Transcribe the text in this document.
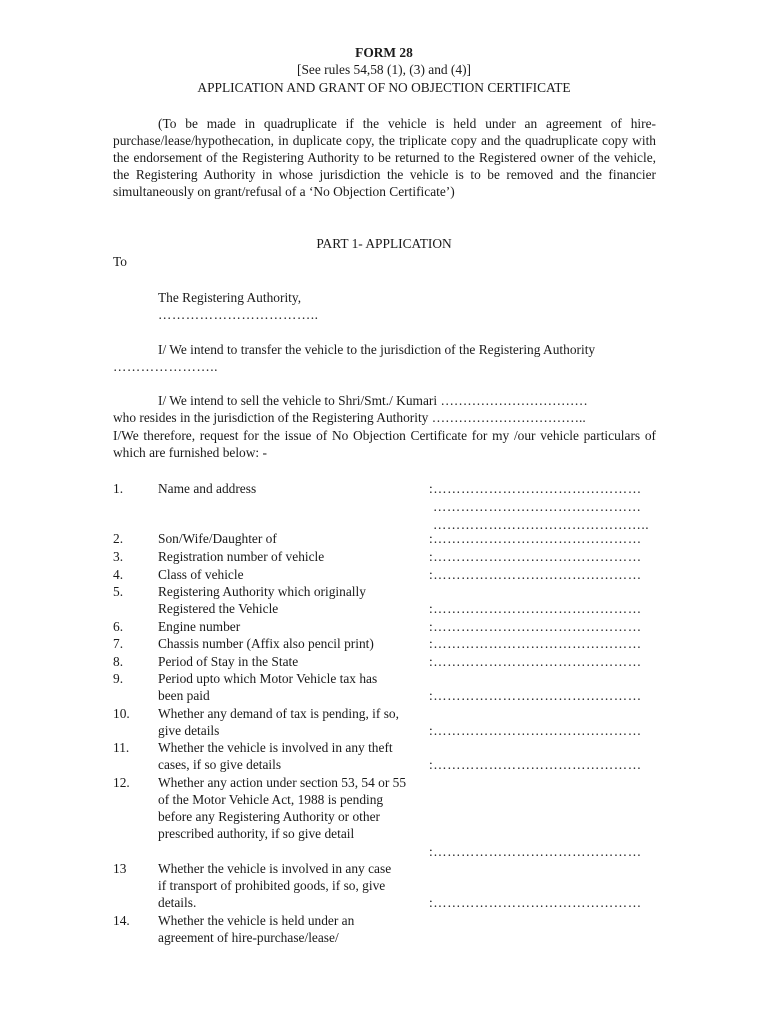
FORM 28
[See rules 54,58 (1), (3) and (4)]
APPLICATION AND GRANT OF NO OBJECTION CERTIFICATE
(To be made in quadruplicate if the vehicle is held under an agreement of hire-purchase/lease/hypothecation, in duplicate copy, the triplicate copy and the quadruplicate copy with the endorsement of the Registering Authority to be returned to the Registered owner of the vehicle, the Registering Authority in whose jurisdiction the vehicle is to be removed and the financier simultaneously on grant/refusal of a ‘No Objection Certificate’)
PART 1- APPLICATION
To
The Registering Authority,
……………………………..
I/ We intend to transfer the vehicle to the jurisdiction of the Registering Authority
…………………..
I/ We intend to sell the vehicle to Shri/Smt./ Kumari ……………………………
who resides in the jurisdiction of the Registering Authority ……………………………..
I/We therefore, request for the issue of No Objection Certificate for my /our vehicle particulars of which are furnished below: -
1.	Name and address	:………………………………………
………………………………………
………………………………………..
2.	Son/Wife/Daughter of	:………………………………………
3.	Registration number of vehicle	:………………………………………
4.	Class of vehicle	:………………………………………
5.	Registering Authority which originally Registered the Vehicle	:………………………………………
6.	Engine number	:………………………………………
7.	Chassis number (Affix also pencil print)	:………………………………………
8.	Period of Stay in the State	:………………………………………
9.	Period upto which Motor Vehicle tax has been paid	:………………………………………
10. Whether any demand of tax is pending, if so, give details	:………………………………………
11. Whether the vehicle is involved in any theft cases, if so give details	:………………………………………
12. Whether any action under section 53, 54 or 55 of the Motor Vehicle Act, 1988 is pending before any Registering Authority or other prescribed authority, if so give detail
:………………………………………
13 Whether the vehicle is involved in any case if transport of prohibited goods, if so, give details.	:………………………………………
14. Whether the vehicle is held under an agreement of hire-purchase/lease/
